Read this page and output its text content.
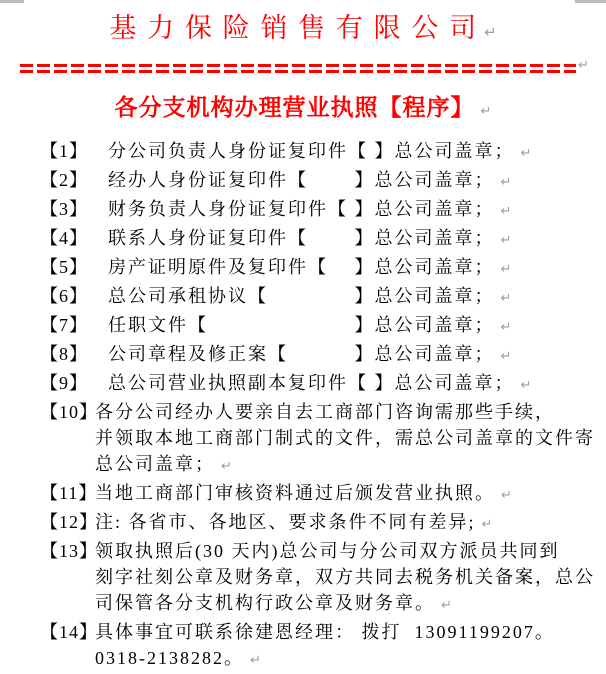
基 力 保 险 销 售 有 限 公 司 ↵
↵
各分支机构办理营业执照【程序】 ↵
【1】 分公司负责人身份证复印件【 】总公司盖章； ↵
【2】 经办人身份证复印件【　　 】总公司盖章； ↵
【3】 财务负责人身份证复印件【 】总公司盖章； ↵
【4】 联系人身份证复印件【　　 】总公司盖章； ↵
【5】 房产证明原件及复印件【　 】总公司盖章； ↵
【6】 总公司承租协议【　　　　 】总公司盖章； ↵
【7】 任职文件【　　　　　　　 】总公司盖章； ↵
【8】 公司章程及修正案【　　　 】总公司盖章； ↵
【9】 总公司营业执照副本复印件【 】总公司盖章； ↵
【10】
各分公司经办人要亲自去工商部门咨询需那些手续，
并领取本地工商部门制式的文件，需总公司盖章的文件寄
总公司盖章； ↵
【11】
当地工商部门审核资料通过后颁发营业执照。 ↵
【12】
注: 各省市、各地区、要求条件不同有差异; ↵
【13】
领取执照后(30 天内)总公司与分公司双方派员共同到
刻字社刻公章及财务章，双方共同去税务机关备案，总公
司保管各分支机构行政公章及财务章。 ↵
【14】
具体事宜可联系徐建恩经理： 拨打  13091199207。
0318-2138282。 ↵
